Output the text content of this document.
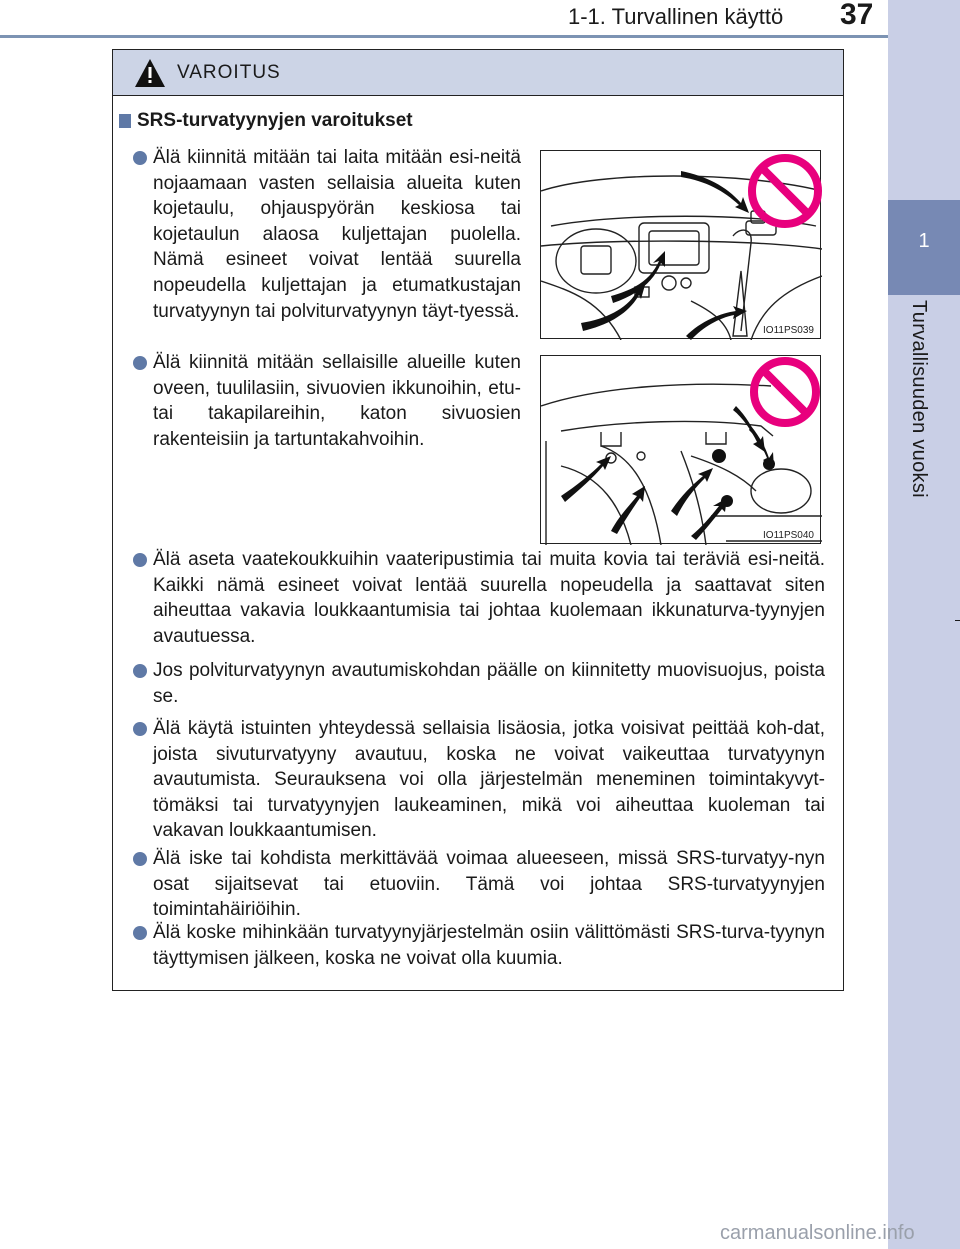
1-1. Turvallinen käyttö 37
1
Turvallisuuden vuoksi
VAROITUS
SRS-turvatyynyjen varoitukset
Älä kiinnitä mitään tai laita mitään esi-neitä nojaamaan vasten sellaisia alueita kuten kojetaulu, ohjauspyörän keskiosa tai kojetaulun alaosa kuljettajan puolella. Nämä esineet voivat lentää suurella nopeudella kuljettajan ja etumatkustajan turvatyynyn tai polviturvatyynyn täyt-tyessä.
IO11PS039
Älä kiinnitä mitään sellaisille alueille kuten oveen, tuulilasiin, sivuovien ikkunoihin, etu- tai takapilareihin, katon sivuosien rakenteisiin ja tartuntakahvoihin.
IO11PS040
Älä aseta vaatekoukkuihin vaateripustimia tai muita kovia tai teräviä esi-neitä. Kaikki nämä esineet voivat lentää suurella nopeudella ja saattavat siten aiheuttaa vakavia loukkaantumisia tai johtaa kuolemaan ikkunaturva-tyynyjen avautuessa.
Jos polviturvatyynyn avautumiskohdan päälle on kiinnitetty muovisuojus, poista se.
Älä käytä istuinten yhteydessä sellaisia lisäosia, jotka voisivat peittää koh-dat, joista sivuturvatyyny avautuu, koska ne voivat vaikeuttaa turvatyynyn avautumista. Seurauksena voi olla järjestelmän meneminen toimintakyvyt-tömäksi tai turvatyynyjen laukeaminen, mikä voi aiheuttaa kuoleman tai vakavan loukkaantumisen.
Älä iske tai kohdista merkittävää voimaa alueeseen, missä SRS-turvatyy-nyn osat sijaitsevat tai etuoviin. Tämä voi johtaa SRS-turvatyynyjen toimintahäiriöihin.
Älä koske mihinkään turvatyynyjärjestelmän osiin välittömästi SRS-turva-tyynyn täyttymisen jälkeen, koska ne voivat olla kuumia.
carmanualsonline.info
